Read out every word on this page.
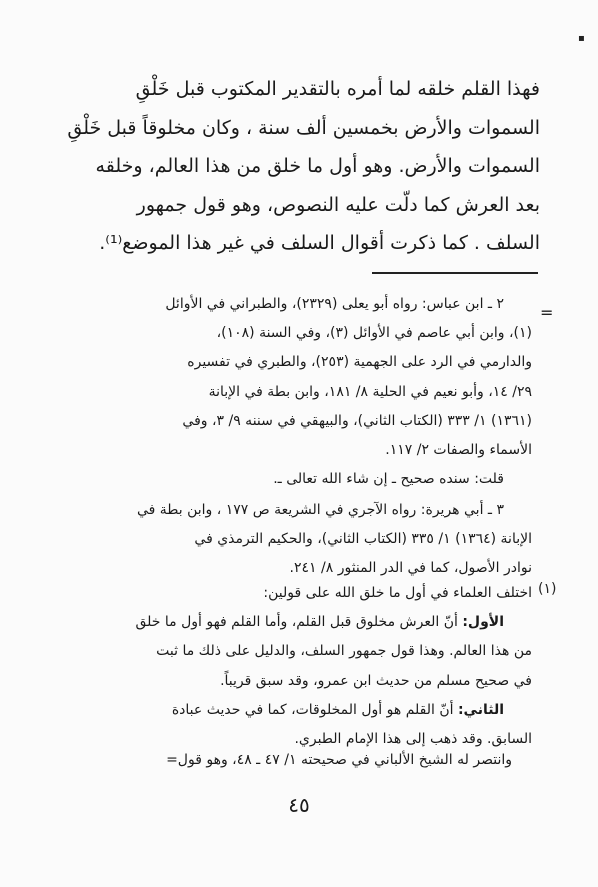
▪

فهذا القلم خلقه لما أمره بالتقدير المكتوب قبل خَلْقِ
السموات والأرض بخمسين ألف سنة ، وكان مخلوقاً قبل خَلْقِ
السموات والأرض. وهو أول ما خلق من هذا العالم، وخلقه
بعد العرش كما دلّت عليه النصوص، وهو قول جمهور
السلف . كما ذكرت أقوال السلف في غير هذا الموضع⁽¹⁾.

=
٢ ـ ابن عباس: رواه أبو يعلى (٢٣٢٩)، والطبراني في الأوائل
(١)، وابن أبي عاصم في الأوائل (٣)، وفي السنة (١٠٨)،
والدارمي في الرد على الجهمية (٢٥٣)، والطبري في تفسيره
٢٩/ ١٤، وأبو نعيم في الحلية ٨/ ١٨١، وابن بطة في الإبانة
(١٣٦١) ١/ ٣٣٣ (الكتاب الثاني)، والبيهقي في سننه ٩/ ٣، وفي
الأسماء والصفات ٢/ ١١٧.
قلت: سنده صحيح ـ إن شاء الله تعالى ـ.
٣ ـ أبي هريرة: رواه الآجري في الشريعة ص ١٧٧ ، وابن بطة في
الإبانة (١٣٦٤) ١/ ٣٣٥ (الكتاب الثاني)، والحكيم الترمذي في
نوادر الأصول، كما في الدر المنثور ٨/ ٢٤١.
(١)
اختلف العلماء في أول ما خلق الله على قولين:
الأول: أنّ العرش مخلوق قبل القلم، وأما القلم فهو أول ما خلق
من هذا العالم. وهذا قول جمهور السلف، والدليل على ذلك ما ثبت
في صحيح مسلم من حديث ابن عمرو، وقد سبق قريباً.
الثاني: أنّ القلم هو أول المخلوقات، كما في حديث عبادة
السابق. وقد ذهب إلى هذا الإمام الطبري.
وانتصر له الشيخ الألباني في صحيحته ١/ ٤٧ ـ ٤٨، وهو قول=
٤٥
